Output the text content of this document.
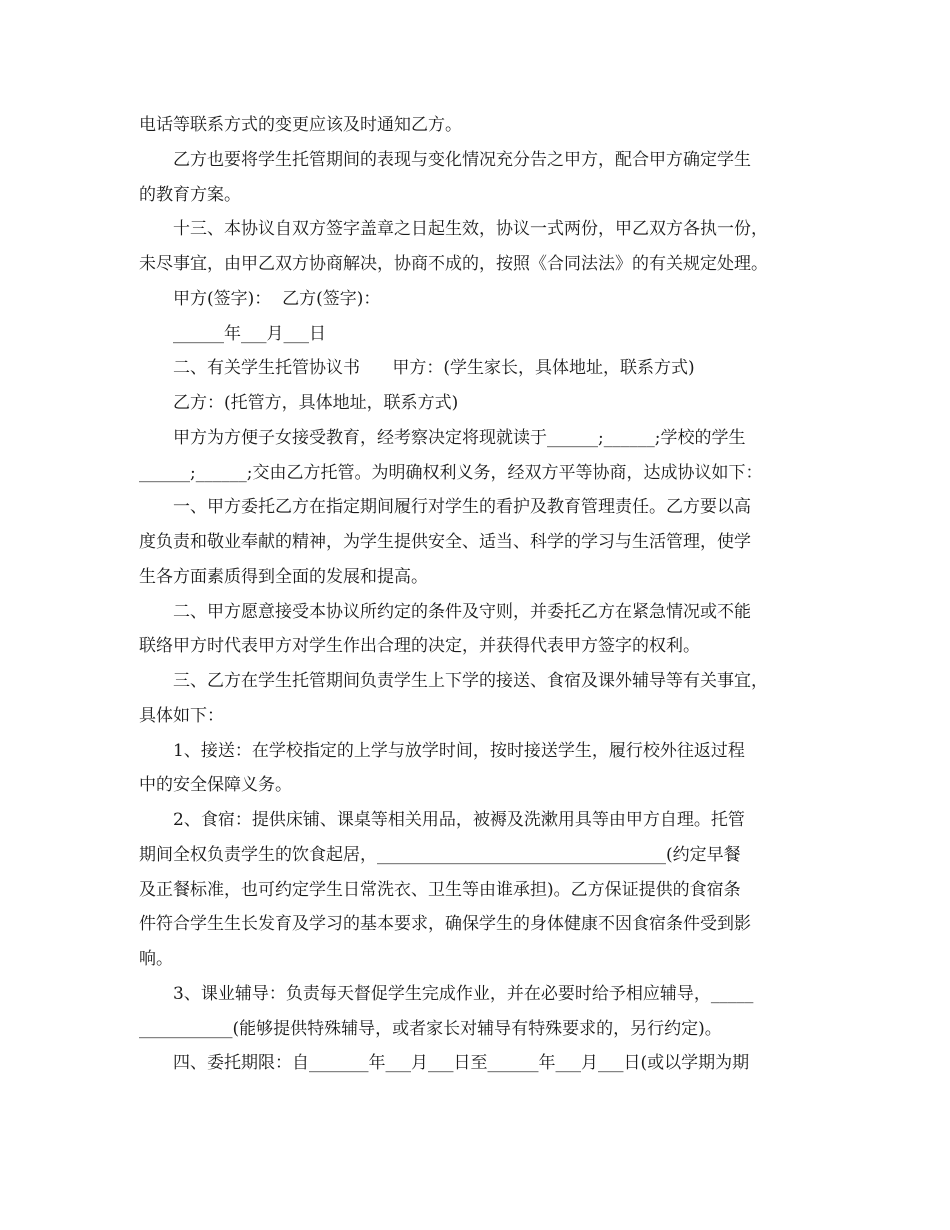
电话等联系方式的变更应该及时通知乙方。
乙方也要将学生托管期间的表现与变化情况充分告之甲方，配合甲方确定学生
的教育方案。
十三、本协议自双方签字盖章之日起生效，协议一式两份，甲乙双方各执一份，
未尽事宜，由甲乙双方协商解决，协商不成的，按照《合同法法》的有关规定处理。
甲方(签字)：  乙方(签字)：
______年___月___日
二、有关学生托管协议书      甲方：(学生家长，具体地址，联系方式)
乙方：(托管方，具体地址，联系方式)
甲方为方便子女接受教育，经考察决定将现就读于______;______;学校的学生
______;______;交由乙方托管。为明确权利义务，经双方平等协商，达成协议如下：
一、甲方委托乙方在指定期间履行对学生的看护及教育管理责任。乙方要以高
度负责和敬业奉献的精神，为学生提供安全、适当、科学的学习与生活管理，使学
生各方面素质得到全面的发展和提高。
二、甲方愿意接受本协议所约定的条件及守则，并委托乙方在紧急情况或不能
联络甲方时代表甲方对学生作出合理的决定，并获得代表甲方签字的权利。
三、乙方在学生托管期间负责学生上下学的接送、食宿及课外辅导等有关事宜，
具体如下：
1、接送：在学校指定的上学与放学时间，按时接送学生，履行校外往返过程
中的安全保障义务。
2、食宿：提供床铺、课桌等相关用品，被褥及洗漱用具等由甲方自理。托管
期间全权负责学生的饮食起居，__________________________________(约定早餐
及正餐标准，也可约定学生日常洗衣、卫生等由谁承担)。乙方保证提供的食宿条
件符合学生生长发育及学习的基本要求，确保学生的身体健康不因食宿条件受到影
响。
3、课业辅导：负责每天督促学生完成作业，并在必要时给予相应辅导，_____
___________(能够提供特殊辅导，或者家长对辅导有特殊要求的，另行约定)。
四、委托期限：自_______年___月___日至______年___月___日(或以学期为期
